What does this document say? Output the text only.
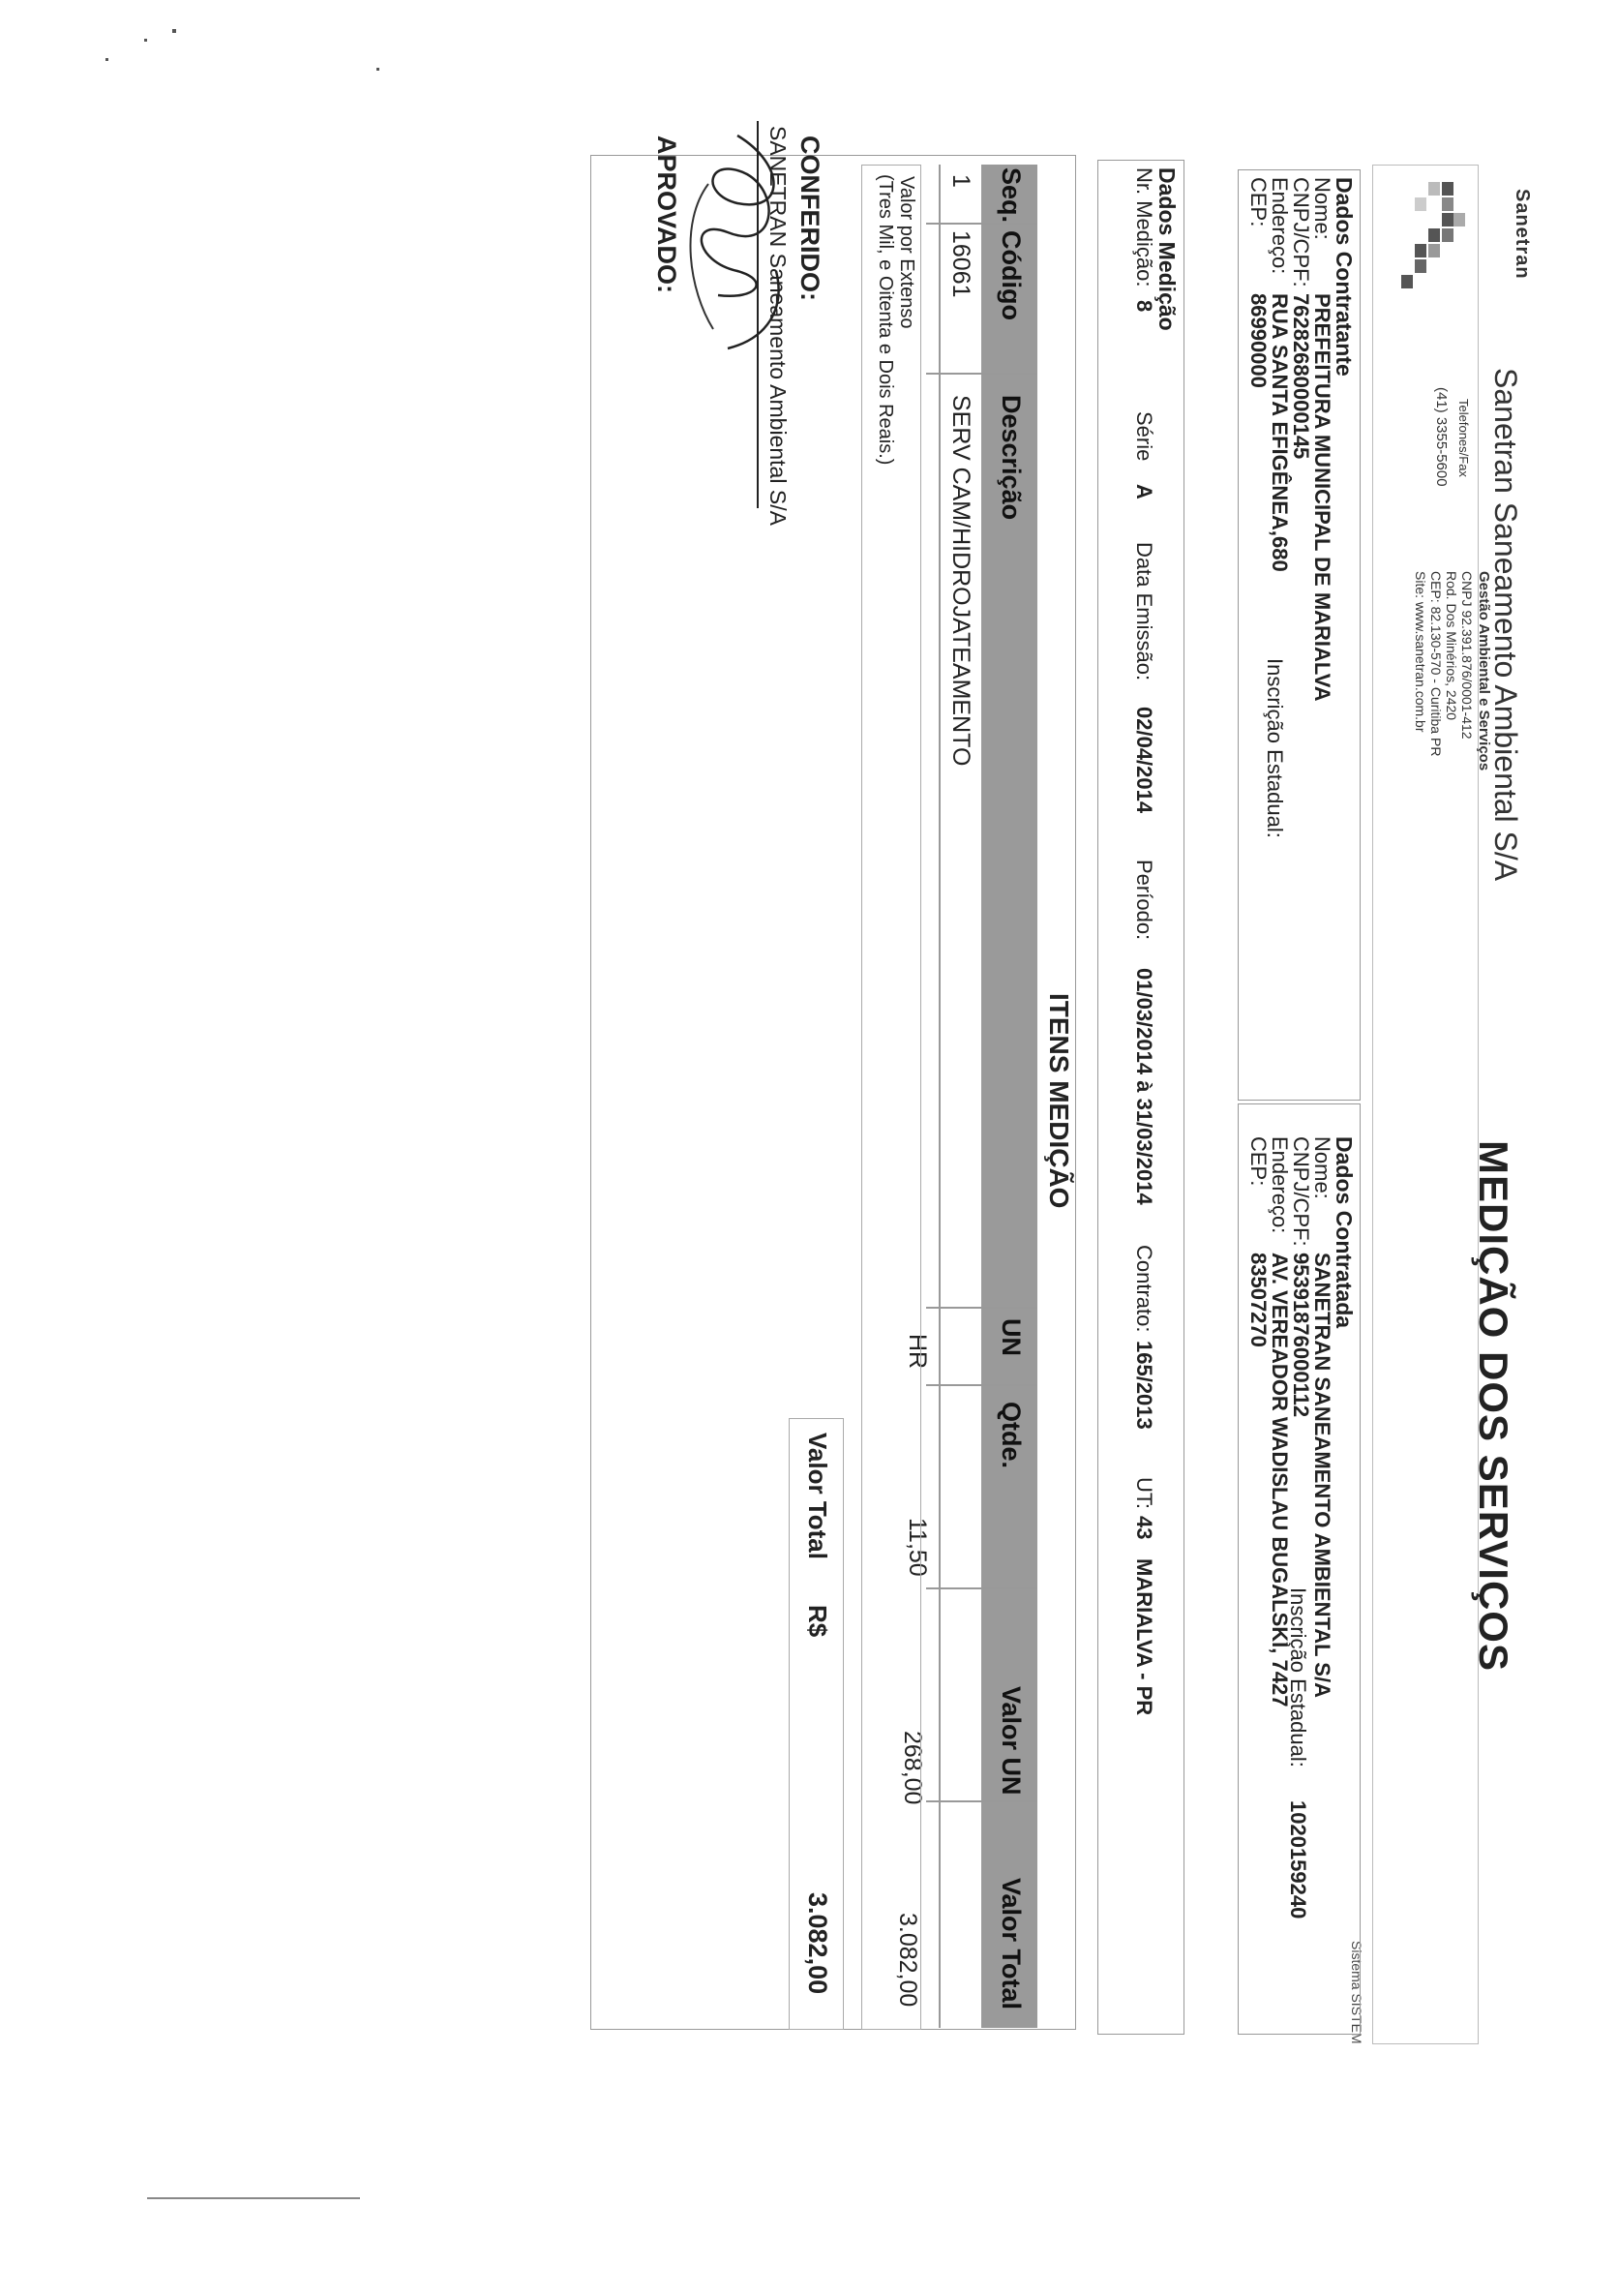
Sanetran
Sanetran Saneamento Ambiental S/A
Gestão Ambiental e Serviços
CNPJ 92.391.876/0001-412
Rod. Dos Minérios, 2420
CEP: 82.130-570 - Curitiba PR
Site: www.sanetran.com.br
Telefones/Fax
(41) 3355-5600
MEDIÇÃO DOS SERVIÇOS
Sistema SISTEM
Dados Contratante
Nome:
PREFEITURA MUNICIPAL DE MARIALVA
CNPJ/CPF:
76282680000145
Endereço:
RUA SANTA EFIGÊNEA,680
Inscrição Estadual:
CEP:
86990000
Dados Contratada
Nome:
SANETRAN SANEAMENTO AMBIENTAL S/A
CNPJ/CPF:
95391876000112
Inscrição Estadual:
1020159240
Endereço:
AV. VEREADOR WADISLAU BUGALSKI, 7427
CEP:
83507270
Dados Medição
Nr. Medição:
8
Série
A
Data Emissão:
02/04/2014
Período:
01/03/2014 à 31/03/2014
Contrato:
165/2013
UT:
43
MARIALVA - PR
ITENS MEDIÇÃO
Seq.
Código
Descrição
UN
Qtde.
Valor UN
Valor Total
1
16061
SERV CAM/HIDROJATEAMENTO
HR
11,50
268,00
3.082,00
Valor por Extenso
(Tres Mil, e Oitenta e Dois Reais.)
Valor Total
R$
3.082,00
CONFERIDO:
SANETRAN Saneamento Ambiental S/A
APROVADO:
